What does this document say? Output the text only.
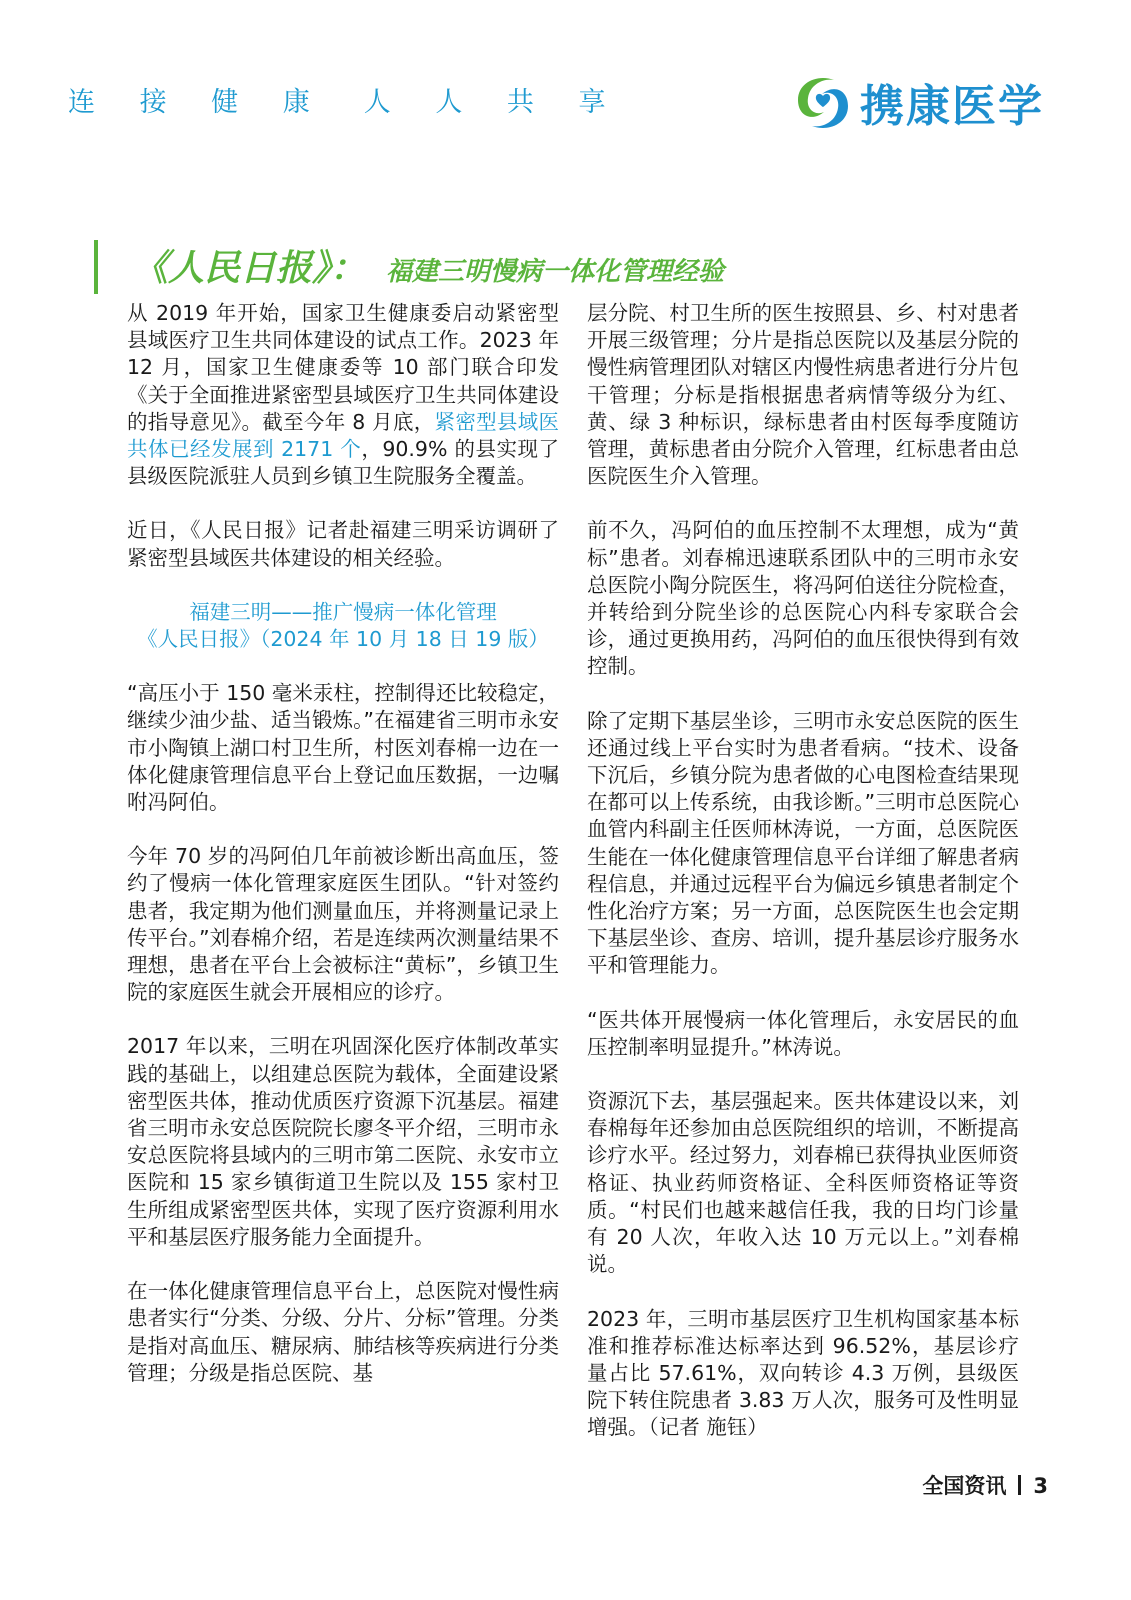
连 接 健 康 人 人 共 享	携康医学
《人民日报》： 福建三明慢病一体化管理经验

从 2019 年开始，国家卫生健康委启动紧密型县域医疗卫生共同体建设的试点工作。2023 年 12 月，国家卫生健康委等 10 部门联合印发《关于全面推进紧密型县域医疗卫生共同体建设的指导意见》。截至今年 8 月底，紧密型县域医共体已经发展到 2171 个，90.9% 的县实现了县级医院派驻人员到乡镇卫生院服务全覆盖。

近日，《人民日报》记者赴福建三明采访调研了紧密型县域医共体建设的相关经验。

福建三明——推广慢病一体化管理
《人民日报》（2024 年 10 月 18 日 19 版）

“高压小于 150 毫米汞柱，控制得还比较稳定，继续少油少盐、适当锻炼。”在福建省三明市永安市小陶镇上湖口村卫生所，村医刘春棉一边在一体化健康管理信息平台上登记血压数据，一边嘱咐冯阿伯。

今年 70 岁的冯阿伯几年前被诊断出高血压，签约了慢病一体化管理家庭医生团队。“针对签约患者，我定期为他们测量血压，并将测量记录上传平台。”刘春棉介绍，若是连续两次测量结果不理想，患者在平台上会被标注“黄标”，乡镇卫生院的家庭医生就会开展相应的诊疗。

2017 年以来，三明在巩固深化医疗体制改革实践的基础上，以组建总医院为载体，全面建设紧密型医共体，推动优质医疗资源下沉基层。福建省三明市永安总医院院长廖冬平介绍，三明市永安总医院将县域内的三明市第二医院、永安市立医院和 15 家乡镇街道卫生院以及 155 家村卫生所组成紧密型医共体，实现了医疗资源利用水平和基层医疗服务能力全面提升。

在一体化健康管理信息平台上，总医院对慢性病患者实行“分类、分级、分片、分标”管理。分类是指对高血压、糖尿病、肺结核等疾病进行分类管理；分级是指总医院、基

层分院、村卫生所的医生按照县、乡、村对患者开展三级管理；分片是指总医院以及基层分院的慢性病管理团队对辖区内慢性病患者进行分片包干管理；分标是指根据患者病情等级分为红、黄、绿 3 种标识，绿标患者由村医每季度随访管理，黄标患者由分院介入管理，红标患者由总医院医生介入管理。

前不久，冯阿伯的血压控制不太理想，成为“黄标”患者。刘春棉迅速联系团队中的三明市永安总医院小陶分院医生，将冯阿伯送往分院检查，并转给到分院坐诊的总医院心内科专家联合会诊，通过更换用药，冯阿伯的血压很快得到有效控制。

除了定期下基层坐诊，三明市永安总医院的医生还通过线上平台实时为患者看病。“技术、设备下沉后，乡镇分院为患者做的心电图检查结果现在都可以上传系统，由我诊断。”三明市总医院心血管内科副主任医师林涛说，一方面，总医院医生能在一体化健康管理信息平台详细了解患者病程信息，并通过远程平台为偏远乡镇患者制定个性化治疗方案；另一方面，总医院医生也会定期下基层坐诊、查房、培训，提升基层诊疗服务水平和管理能力。

“医共体开展慢病一体化管理后，永安居民的血压控制率明显提升。”林涛说。

资源沉下去，基层强起来。医共体建设以来，刘春棉每年还参加由总医院组织的培训，不断提高诊疗水平。经过努力，刘春棉已获得执业医师资格证、执业药师资格证、全科医师资格证等资质。“村民们也越来越信任我，我的日均门诊量有 20 人次，年收入达 10 万元以上。”刘春棉说。

2023 年，三明市基层医疗卫生机构国家基本标准和推荐标准达标率达到 96.52%，基层诊疗量占比 57.61%，双向转诊 4.3 万例，县级医院下转住院患者 3.83 万人次，服务可及性明显增强。（记者 施钰）

全国资讯 3
